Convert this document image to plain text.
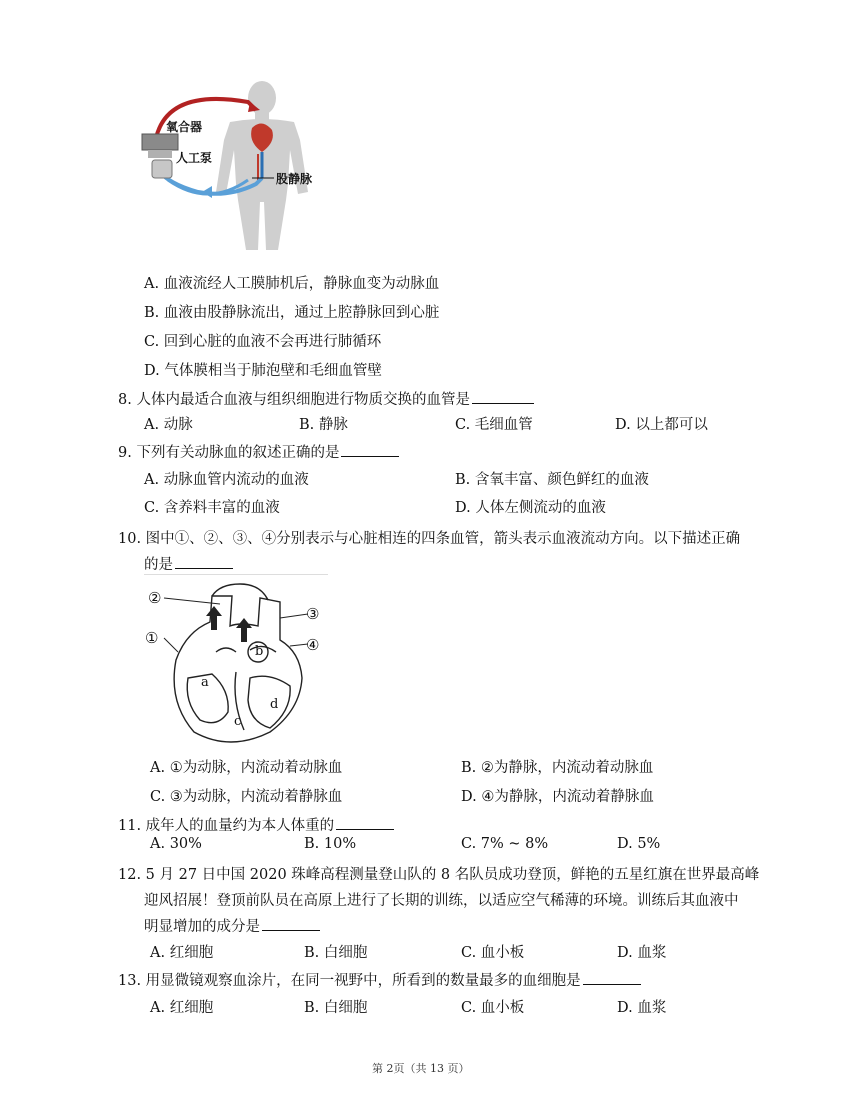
氧合器
人工泵
股静脉
A. 血液流经人工膜肺机后，静脉血变为动脉血
B. 血液由股静脉流出，通过上腔静脉回到心脏
C. 回到心脏的血液不会再进行肺循环
D. 气体膜相当于肺泡壁和毛细血管壁
8. 人体内最适合血液与组织细胞进行物质交换的血管是
A. 动脉	B. 静脉	C. 毛细血管	D. 以上都可以
9. 下列有关动脉血的叙述正确的是
A. 动脉血管内流动的血液	B. 含氧丰富、颜色鲜红的血液
C. 含养料丰富的血液	D. 人体左侧流动的血液
10. 图中①、②、③、④分别表示与心脏相连的四条血管，箭头表示血液流动方向。以下描述正确
的是
②
①
③
④
a
b
c
d
A. ①为动脉，内流动着动脉血	B. ②为静脉，内流动着动脉血
C. ③为动脉，内流动着静脉血	D. ④为静脉，内流动着静脉血
11. 成年人的血量约为本人体重的
A. 30%	B. 10%	C. 7% ~ 8%	D. 5%
12. 5 月 27 日中国 2020 珠峰高程测量登山队的 8 名队员成功登顶，鲜艳的五星红旗在世界最高峰
迎风招展！登顶前队员在高原上进行了长期的训练，以适应空气稀薄的环境。训练后其血液中
明显增加的成分是
A. 红细胞	B. 白细胞	C. 血小板	D. 血浆
13. 用显微镜观察血涂片，在同一视野中，所看到的数量最多的血细胞是
A. 红细胞	B. 白细胞	C. 血小板	D. 血浆
第 2页（共 13 页）
